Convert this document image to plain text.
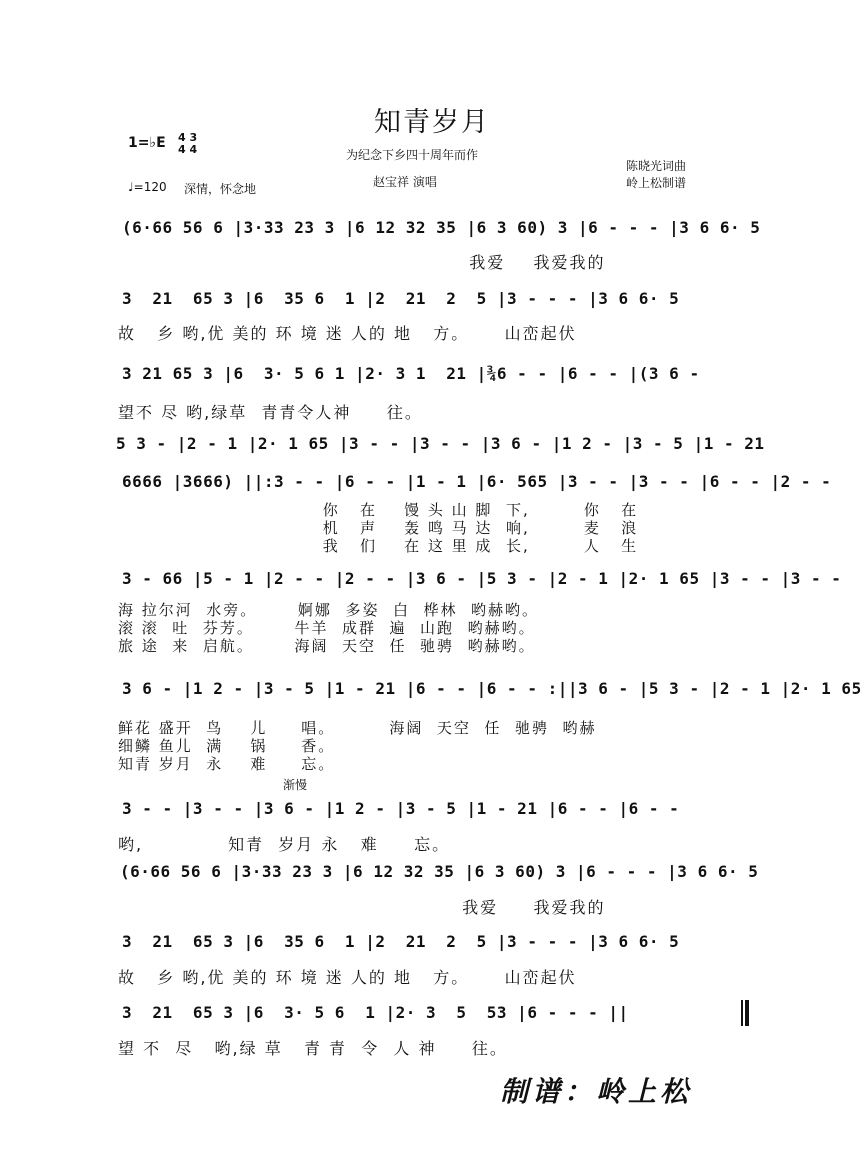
知青岁月
为纪念下乡四十周年而作
赵宝祥 演唱
陈晓光词曲
岭上松制谱
1=♭E 4 3
4 4
♩=120 深情，怀念地
(6·66 56 6 |3·33 23 3 |6 12 32 35 |6 3 60) 3 |6 - - - |3 6 6· 5
我爱    我爱我的
3  21  65 3 |6  35 6  1 |2  21  2  5 |3 - - - |3 6 6· 5
故   乡 哟,优 美的 环 境 迷 人的 地   方。     山峦起伏
3 21 65 3 |6  3· 5 6 1 |2· 3 1  21 |¾6 - - |6 - - |(3 6 -
望不 尽 哟,绿草  青青令人神     往。
5 3 - |2 - 1 |2· 1 65 |3 - - |3 - - |3 6 - |1 2 - |3 - 5 |1 - 21
6666 |3666) ||:3 - - |6 - - |1 - 1 |6· 565 |3 - - |3 - - |6 - - |2 - -
你   在    馒 头 山 脚  下,        你   在
机   声    轰 鸣 马 达  响,        麦   浪
我   们    在 这 里 成  长,        人   生
3 - 66 |5 - 1 |2 - - |2 - - |3 6 - |5 3 - |2 - 1 |2· 1 65 |3 - - |3 - -
海 拉尔河  水旁。      婀娜  多姿  白  桦林  哟赫哟。
滚 滚  吐  芬芳。      牛羊  成群  遍  山跑  哟赫哟。
旅 途  来  启航。      海阔  天空  任  驰骋  哟赫哟。
3 6 - |1 2 - |3 - 5 |1 - 21 |6 - - |6 - - :||3 6 - |5 3 - |2 - 1 |2· 1 65
鲜花 盛开  鸟    儿     唱。        海阔  天空  任  驰骋  哟赫
细鳞 鱼儿  满    锅     香。
知青 岁月  永    难     忘。
渐慢
3 - - |3 - - |3 6 - |1 2 - |3 - 5 |1 - 21 |6 - - |6 - -
哟,            知青  岁月 永   难     忘。
(6·66 56 6 |3·33 23 3 |6 12 32 35 |6 3 60) 3 |6 - - - |3 6 6· 5
我爱     我爱我的
3  21  65 3 |6  35 6  1 |2  21  2  5 |3 - - - |3 6 6· 5
故   乡 哟,优 美的 环 境 迷 人的 地   方。     山峦起伏
3  21  65 3 |6  3· 5 6  1 |2· 3  5  53 |6 - - - ||
望 不  尽   哟,绿 草   青 青  令  人 神     往。
制谱：岭上松
